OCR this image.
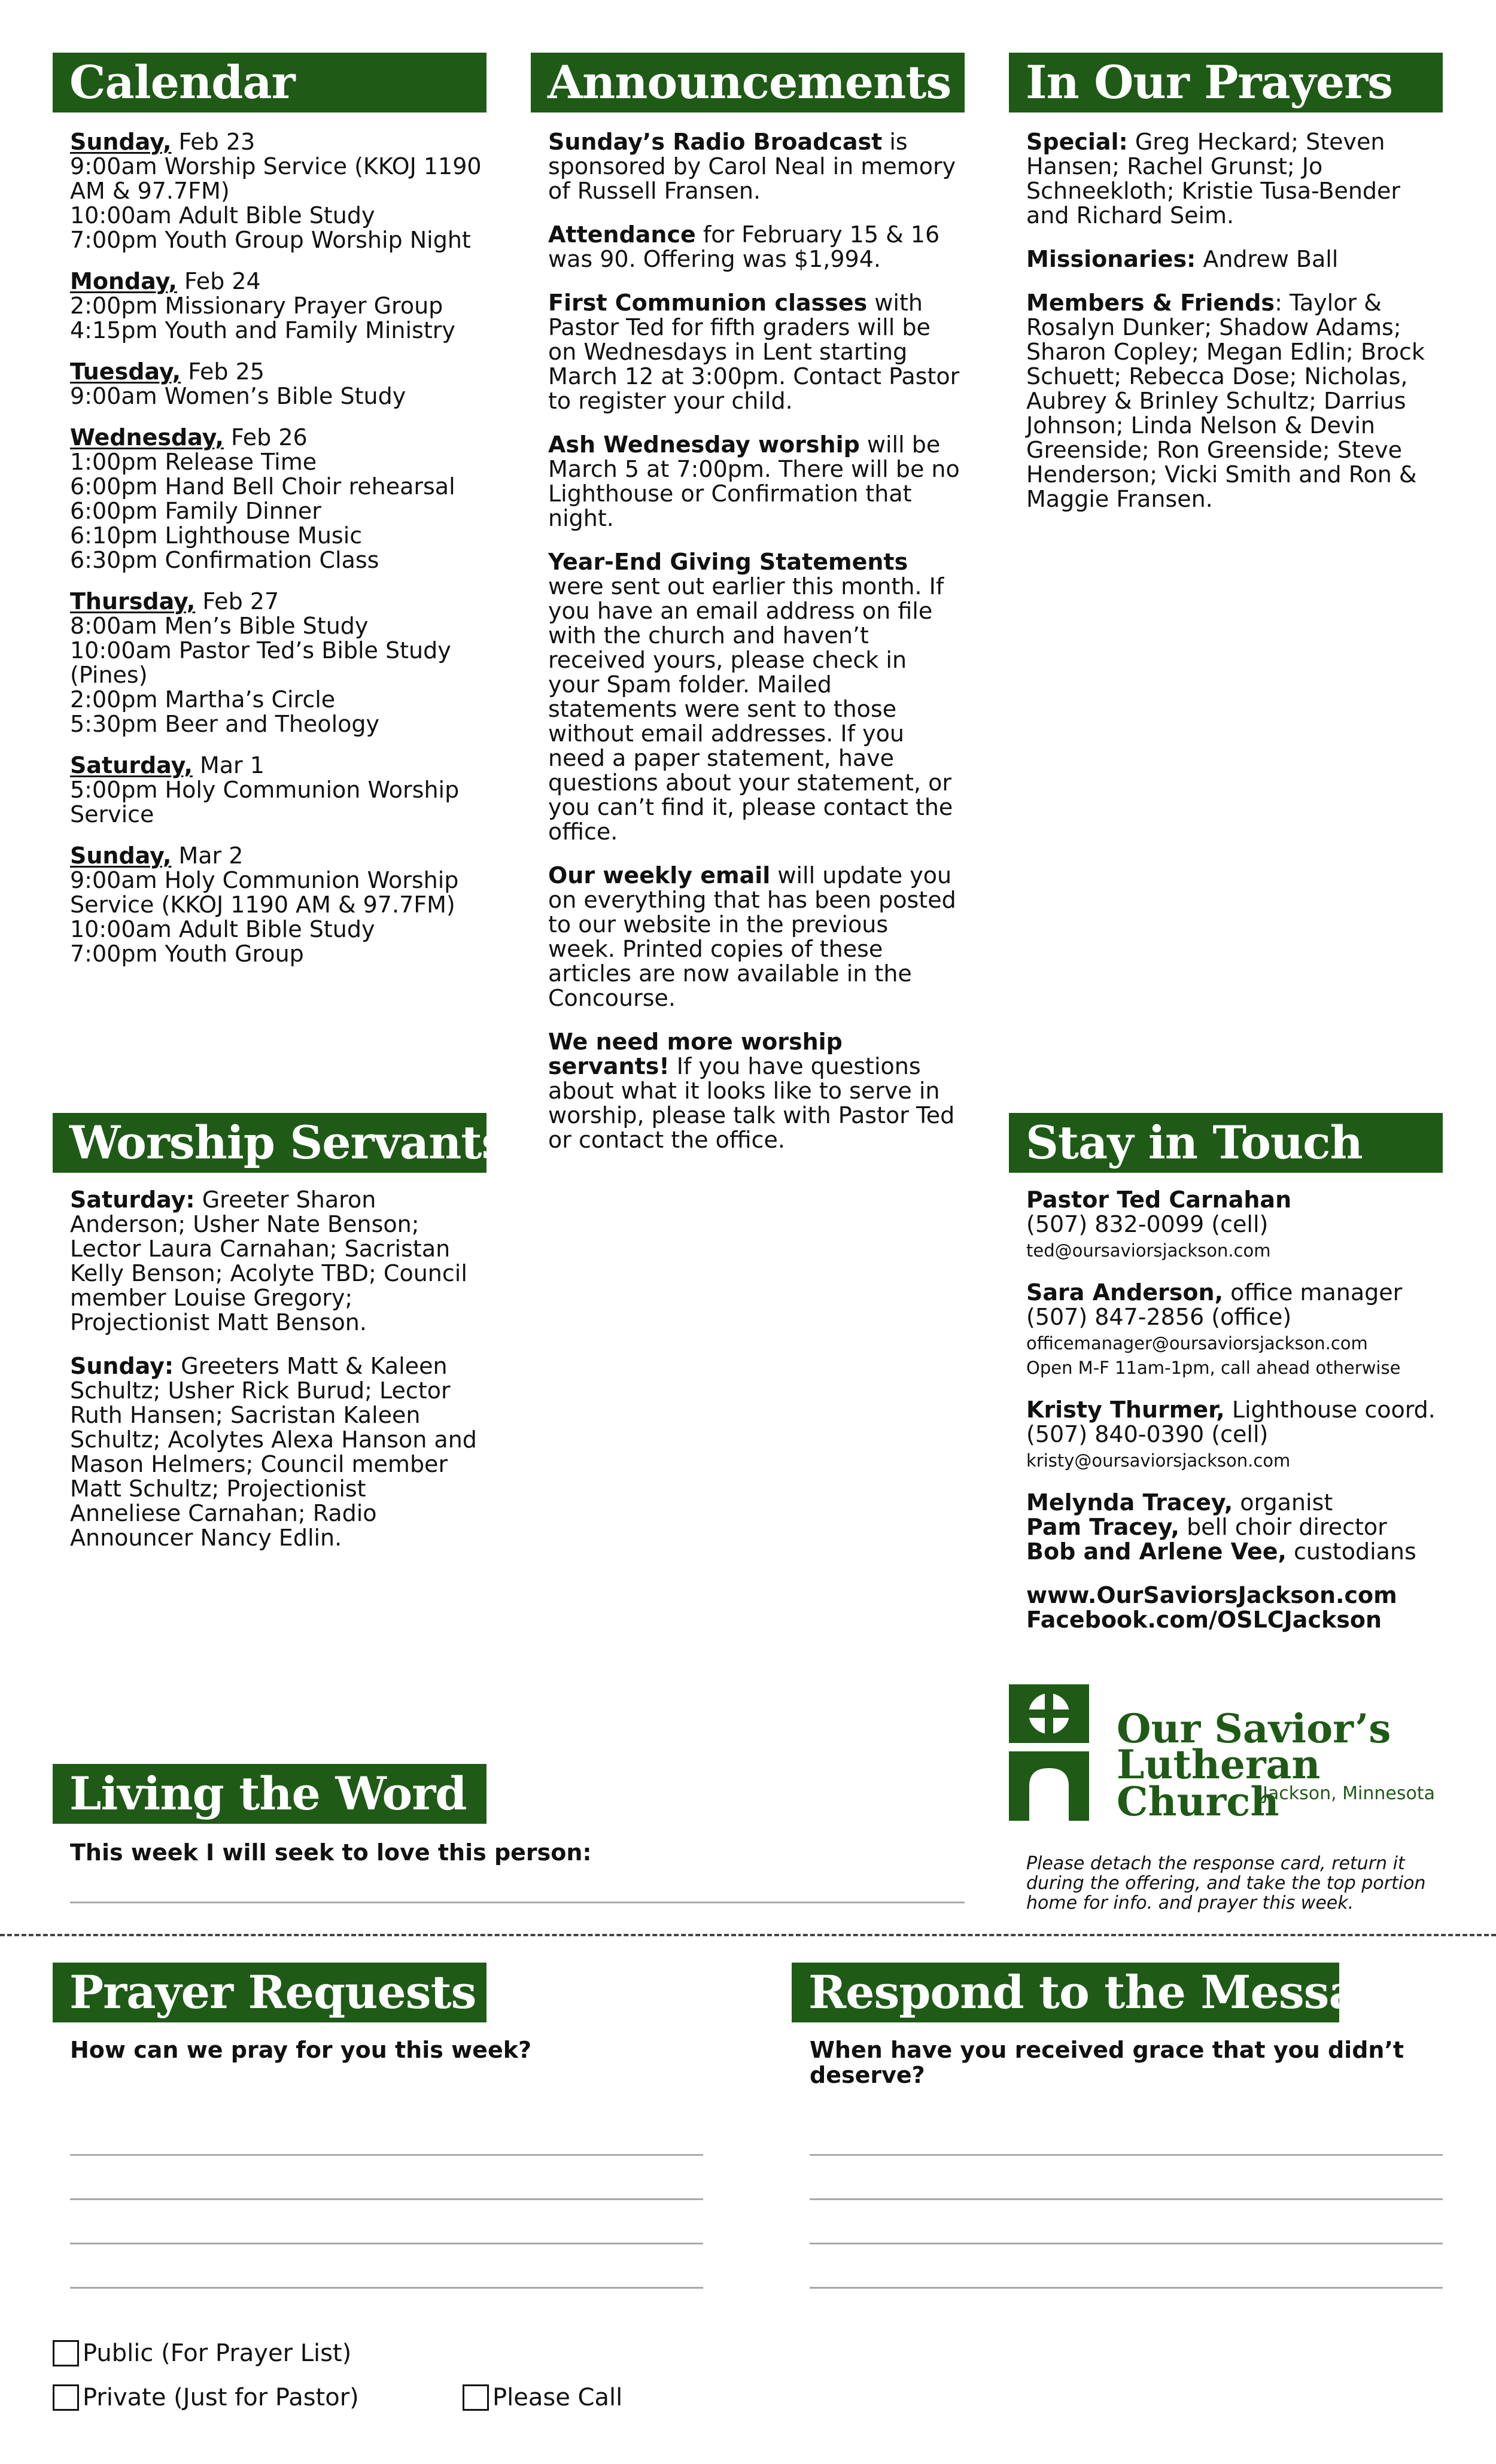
Calendar	Announcements	In Our Prayers
Sunday, Feb 23
9:00am Worship Service (KKOJ 1190 AM & 97.7FM)
10:00am Adult Bible Study
7:00pm Youth Group Worship Night
Monday, Feb 24
2:00pm Missionary Prayer Group
4:15pm Youth and Family Ministry
Tuesday, Feb 25
9:00am Women’s Bible Study
Wednesday, Feb 26
1:00pm Release Time
6:00pm Hand Bell Choir rehearsal
6:00pm Family Dinner
6:10pm Lighthouse Music
6:30pm Confirmation Class
Thursday, Feb 27
8:00am Men’s Bible Study
10:00am Pastor Ted’s Bible Study (Pines)
2:00pm Martha’s Circle
5:30pm Beer and Theology
Saturday, Mar 1
5:00pm Holy Communion Worship Service
Sunday, Mar 2
9:00am Holy Communion Worship Service (KKOJ 1190 AM & 97.7FM)
10:00am Adult Bible Study
7:00pm Youth Group

Sunday’s Radio Broadcast is sponsored by Carol Neal in memory of Russell Fransen.

Attendance for February 15 & 16 was 90. Offering was $1,994.

First Communion classes with Pastor Ted for fifth graders will be on Wednesdays in Lent starting March 12 at 3:00pm. Contact Pastor to register your child.

Ash Wednesday worship will be March 5 at 7:00pm. There will be no Lighthouse or Confirmation that night.

Year-End Giving Statements were sent out earlier this month. If you have an email address on file with the church and haven’t received yours, please check in your Spam folder. Mailed statements were sent to those without email addresses. If you need a paper statement, have questions about your statement, or you can’t find it, please contact the office.

Our weekly email will update you on everything that has been posted to our website in the previous week. Printed copies of these articles are now available in the Concourse.

We need more worship servants! If you have questions about what it looks like to serve in worship, please talk with Pastor Ted or contact the office.

Special: Greg Heckard; Steven Hansen; Rachel Grunst; Jo Schneekloth; Kristie Tusa-Bender and Richard Seim.

Missionaries: Andrew Ball

Members & Friends: Taylor & Rosalyn Dunker; Shadow Adams; Sharon Copley; Megan Edlin; Brock Schuett; Rebecca Dose; Nicholas, Aubrey & Brinley Schultz; Darrius Johnson; Linda Nelson & Devin Greenside; Ron Greenside; Steve Henderson; Vicki Smith and Ron & Maggie Fransen.

Worship Servants

Saturday: Greeter Sharon Anderson; Usher Nate Benson; Lector Laura Carnahan; Sacristan Kelly Benson; Acolyte TBD; Council member Louise Gregory; Projectionist Matt Benson.

Sunday: Greeters Matt & Kaleen Schultz; Usher Rick Burud; Lector Ruth Hansen; Sacristan Kaleen Schultz; Acolytes Alexa Hanson and Mason Helmers; Council member Matt Schultz; Projectionist Anneliese Carnahan; Radio Announcer Nancy Edlin.

Stay in Touch

Pastor Ted Carnahan
(507) 832-0099 (cell)
ted@oursaviorsjackson.com

Sara Anderson, office manager
(507) 847-2856 (office)
officemanager@oursaviorsjackson.com
Open M-F 11am-1pm, call ahead otherwise

Kristy Thurmer, Lighthouse coord.
(507) 840-0390 (cell)
kristy@oursaviorsjackson.com

Melynda Tracey, organist
Pam Tracey, bell choir director
Bob and Arlene Vee, custodians

www.OurSaviorsJackson.com
Facebook.com/OSLCJackson

Our Savior’s
Lutheran Church
Jackson, Minnesota
Please detach the response card, return it during the offering, and take the top portion home for info. and prayer this week.
Living the Word
This week I will seek to love this person:
Prayer Requests
How can we pray for you this week?
Respond to the Message
When have you received grace that you didn’t deserve?
Public (For Prayer List)
Private (Just for Pastor)	Please Call
